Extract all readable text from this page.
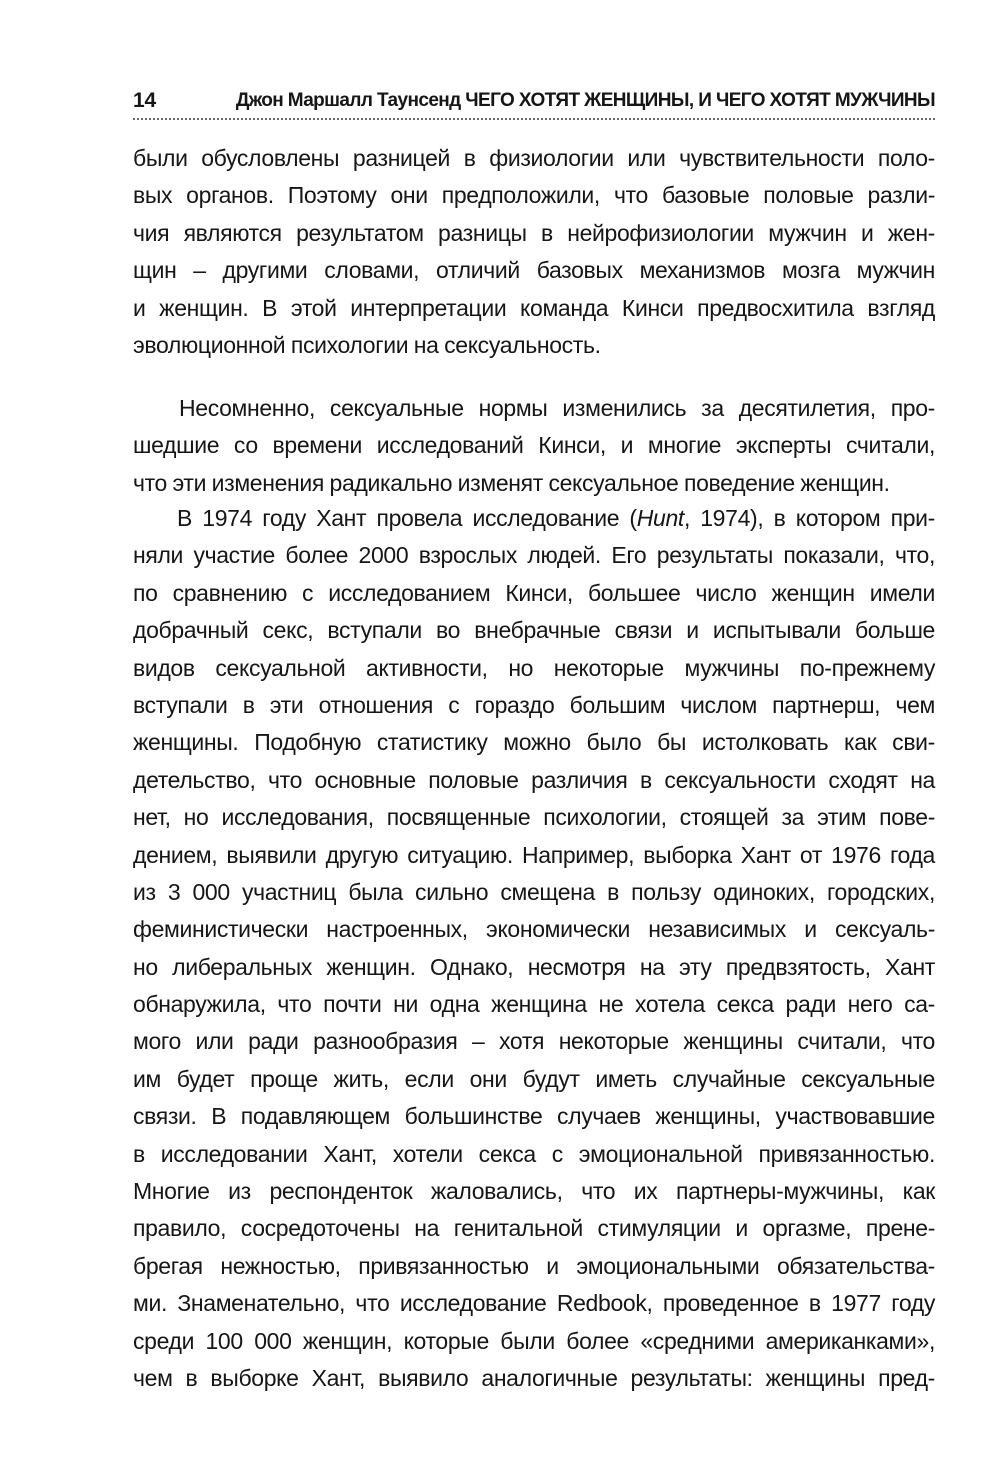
14	Джон Маршалл Таунсенд ЧЕГО ХОТЯТ ЖЕНЩИНЫ, И ЧЕГО ХОТЯТ МУЖЧИНЫ
были обусловлены разницей в физиологии или чувствительности поло-
вых органов. Поэтому они предположили, что базовые половые разли-
чия являются результатом разницы в нейрофизиологии мужчин и жен-
щин – другими словами, отличий базовых механизмов мозга мужчин
и женщин. В этой интерпретации команда Кинси предвосхитила взгляд
эволюционной психологии на сексуальность.
Несомненно, сексуальные нормы изменились за десятилетия, про-
шедшие со времени исследований Кинси, и многие эксперты считали,
что эти изменения радикально изменят сексуальное поведение женщин.
В 1974 году Хант провела исследование (Hunt, 1974), в котором при-
няли участие более 2000 взрослых людей. Его результаты показали, что,
по сравнению с исследованием Кинси, большее число женщин имели
добрачный секс, вступали во внебрачные связи и испытывали больше
видов сексуальной активности, но некоторые мужчины по-прежнему
вступали в эти отношения с гораздо большим числом партнерш, чем
женщины. Подобную статистику можно было бы истолковать как сви-
детельство, что основные половые различия в сексуальности сходят на
нет, но исследования, посвященные психологии, стоящей за этим пове-
дением, выявили другую ситуацию. Например, выборка Хант от 1976 года
из 3 000 участниц была сильно смещена в пользу одиноких, городских,
феминистически настроенных, экономически независимых и сексуаль-
но либеральных женщин. Однако, несмотря на эту предвзятость, Хант
обнаружила, что почти ни одна женщина не хотела секса ради него са-
мого или ради разнообразия – хотя некоторые женщины считали, что
им будет проще жить, если они будут иметь случайные сексуальные
связи. В подавляющем большинстве случаев женщины, участвовавшие
в исследовании Хант, хотели секса с эмоциональной привязанностью.
Многие из респонденток жаловались, что их партнеры-мужчины, как
правило, сосредоточены на генитальной стимуляции и оргазме, прене-
брегая нежностью, привязанностью и эмоциональными обязательства-
ми. Знаменательно, что исследование Redbook, проведенное в 1977 году
среди 100 000 женщин, которые были более «средними американками»,
чем в выборке Хант, выявило аналогичные результаты: женщины пред-
